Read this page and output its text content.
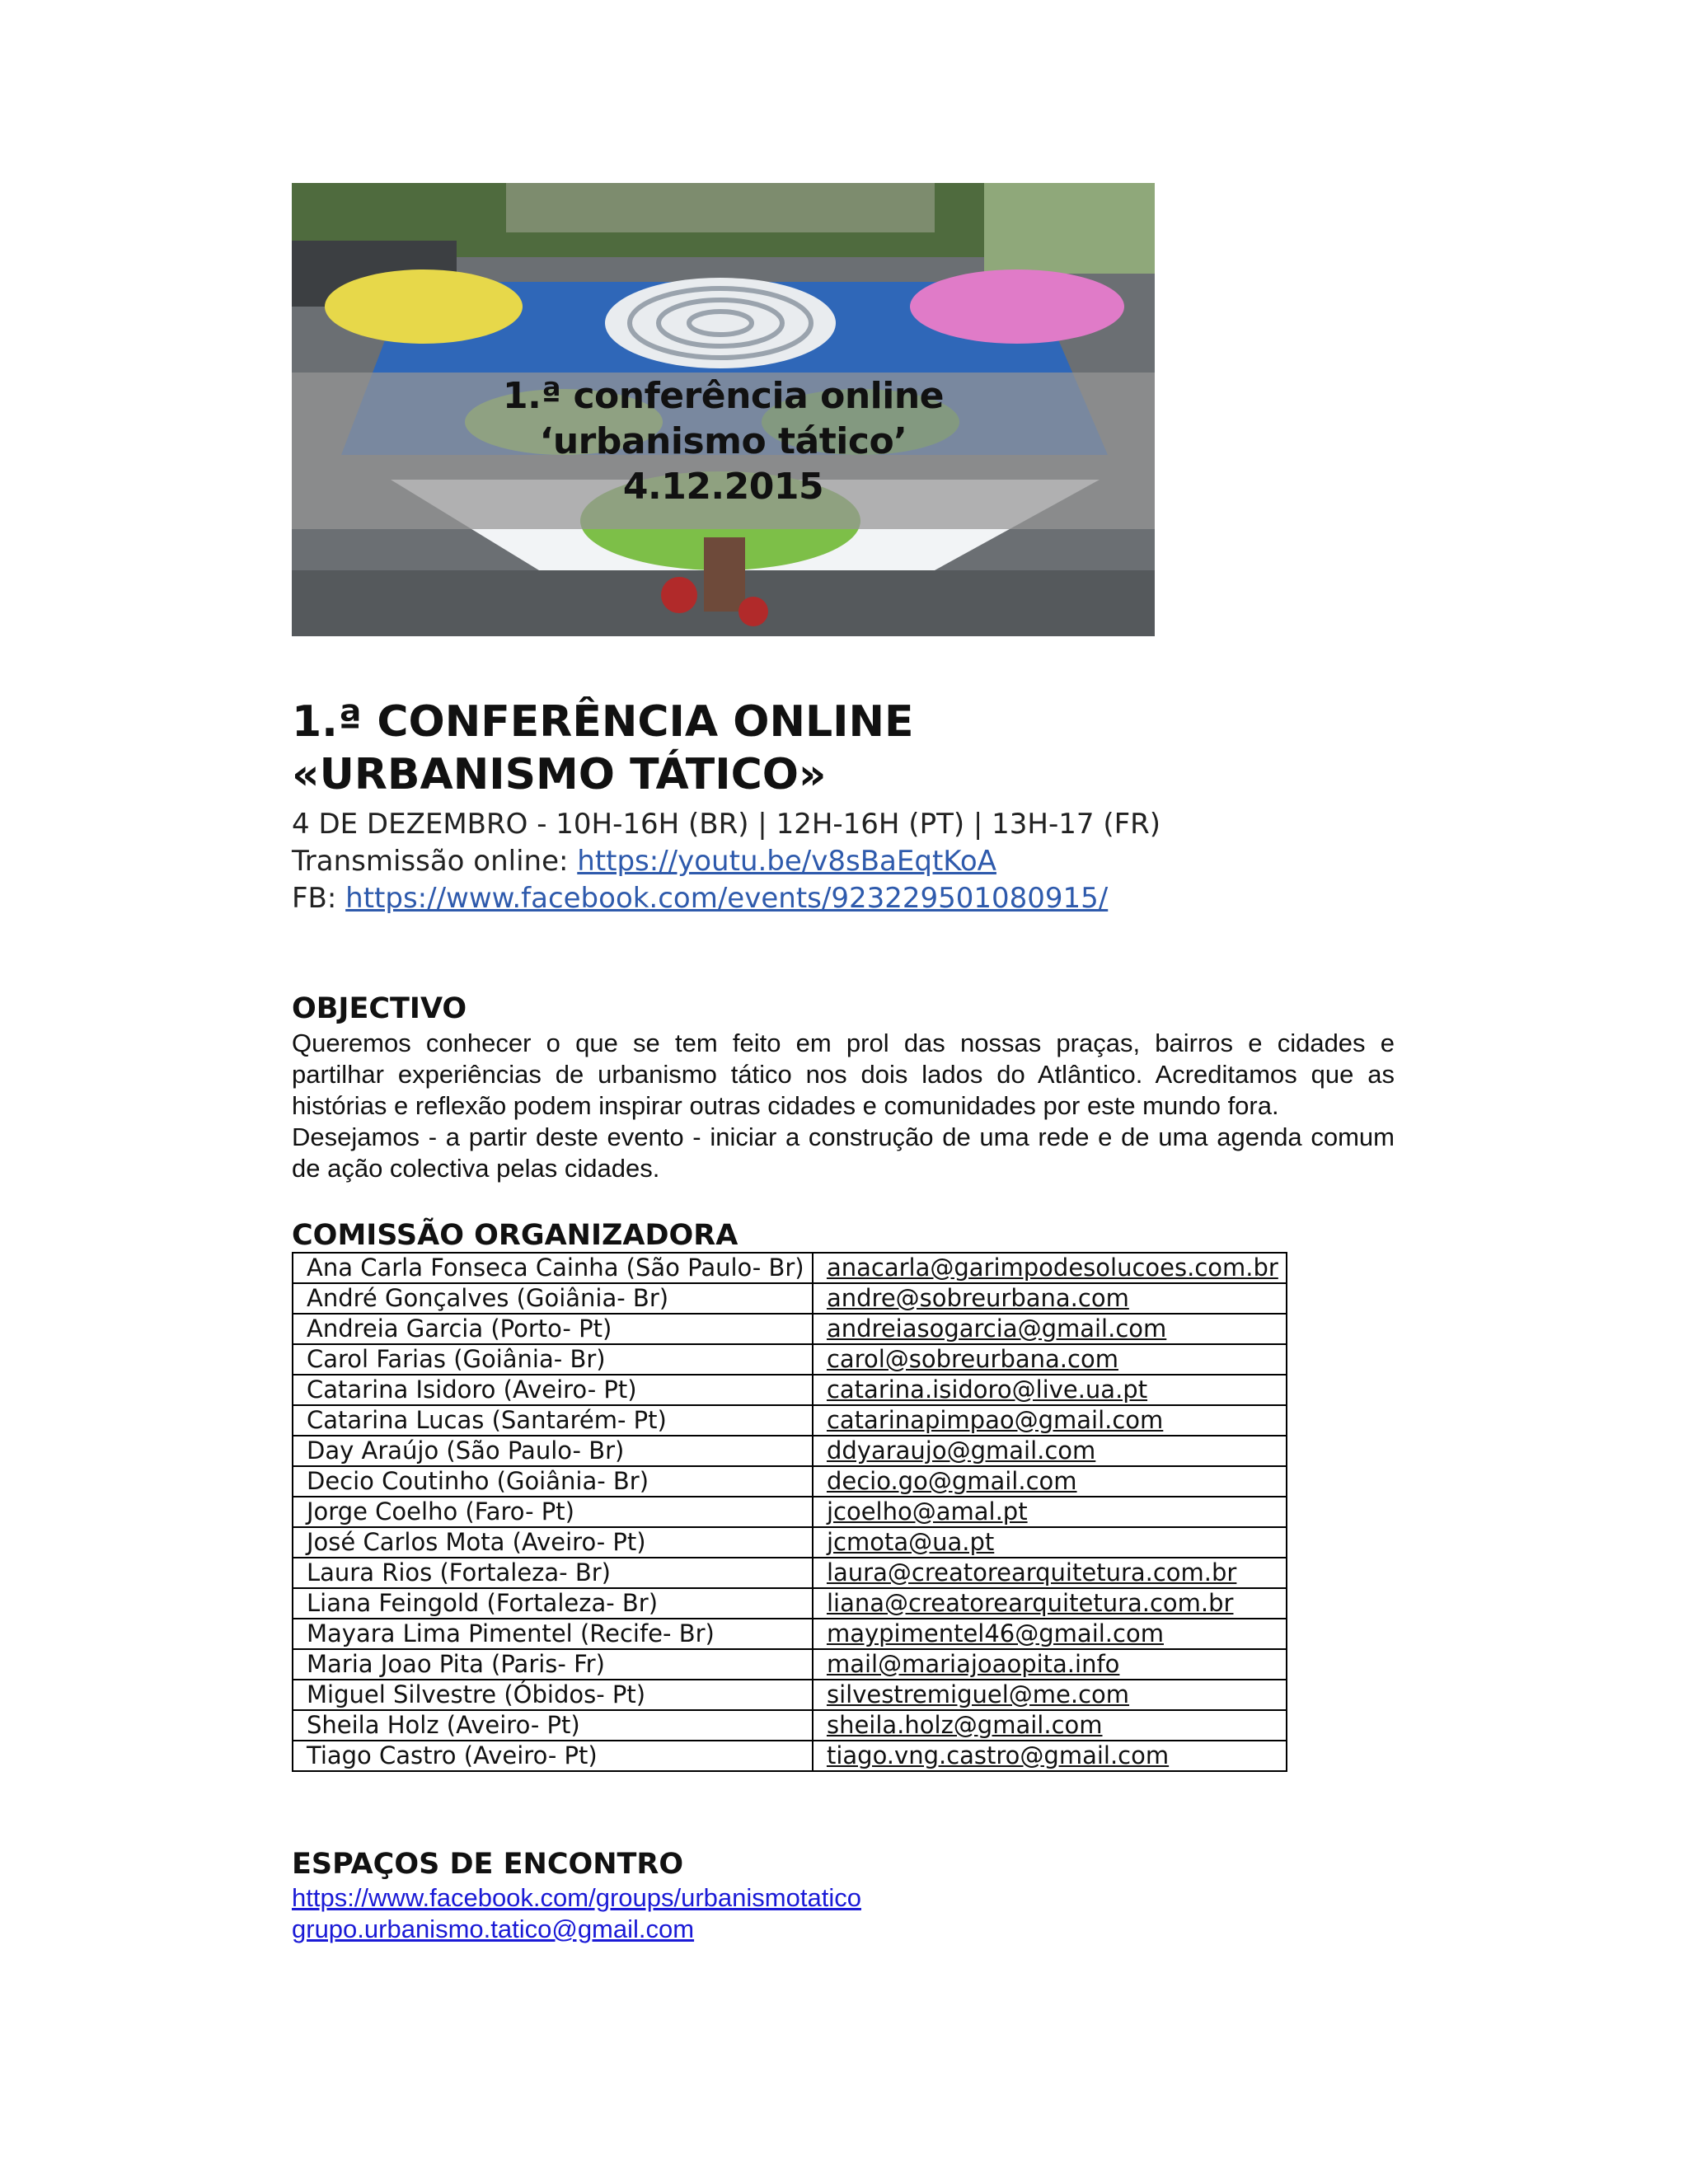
1.ª conferência online
‘urbanismo tático’
4.12.2015
1.ª CONFERÊNCIA ONLINE
«URBANISMO TÁTICO»
4 DE DEZEMBRO - 10H-16H (BR) | 12H-16H (PT) | 13H-17 (FR)
Transmissão online: https://youtu.be/v8sBaEqtKoA
FB: https://www.facebook.com/events/923229501080915/
OBJECTIVO
Queremos conhecer o que se tem feito em prol das nossas praças, bairros e cidades e
partilhar experiências de urbanismo tático nos dois lados do Atlântico. Acreditamos que as
histórias e reflexão podem inspirar outras cidades e comunidades por este mundo fora.
Desejamos - a partir deste evento - iniciar a construção de uma rede e de uma agenda comum
de ação colectiva pelas cidades.
COMISSÃO ORGANIZADORA
Ana Carla Fonseca Cainha (São Paulo- Br)	anacarla@garimpodesolucoes.com.br
André Gonçalves (Goiânia- Br)	andre@sobreurbana.com
Andreia Garcia (Porto- Pt)	andreiasogarcia@gmail.com
Carol Farias (Goiânia- Br)	carol@sobreurbana.com
Catarina Isidoro (Aveiro- Pt)	catarina.isidoro@live.ua.pt
Catarina Lucas (Santarém- Pt)	catarinapimpao@gmail.com
Day Araújo (São Paulo- Br)	ddyaraujo@gmail.com
Decio Coutinho (Goiânia- Br)	decio.go@gmail.com
Jorge Coelho (Faro- Pt)	jcoelho@amal.pt
José Carlos Mota (Aveiro- Pt)	jcmota@ua.pt
Laura Rios (Fortaleza- Br)	laura@creatorearquitetura.com.br
Liana Feingold (Fortaleza- Br)	liana@creatorearquitetura.com.br
Mayara Lima Pimentel (Recife- Br)	maypimentel46@gmail.com
Maria Joao Pita (Paris- Fr)	mail@mariajoaopita.info
Miguel Silvestre (Óbidos- Pt)	silvestremiguel@me.com
Sheila Holz (Aveiro- Pt)	sheila.holz@gmail.com
Tiago Castro (Aveiro- Pt)	tiago.vng.castro@gmail.com
ESPAÇOS DE ENCONTRO
https://www.facebook.com/groups/urbanismotatico
grupo.urbanismo.tatico@gmail.com
